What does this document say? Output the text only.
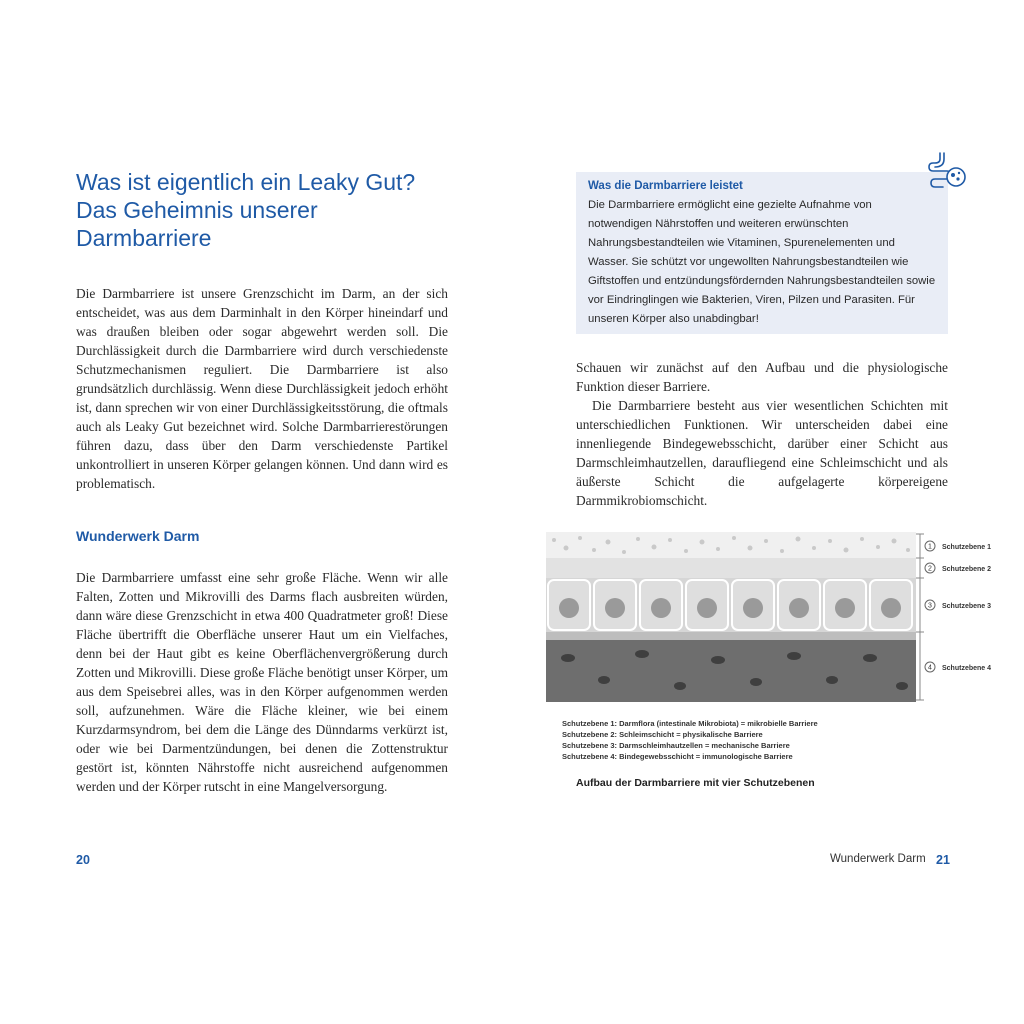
Was ist eigentlich ein Leaky Gut?
Das Geheimnis unserer
Darmbarriere

Die Darmbarriere ist unsere Grenzschicht im Darm, an der sich entscheidet, was aus dem Darminhalt in den Körper hineindarf und was draußen bleiben oder sogar abgewehrt werden soll. Die Durchlässigkeit durch die Darmbarriere wird durch verschiedenste Schutzmechanismen reguliert. Die Darmbarriere ist also grundsätzlich durchlässig. Wenn diese Durchlässigkeit jedoch erhöht ist, dann sprechen wir von einer Durchlässigkeitsstörung, die oftmals auch als Leaky Gut bezeichnet wird. Solche Darmbarrierestörungen führen dazu, dass über den Darm verschiedenste Partikel unkontrolliert in unseren Körper gelangen können. Und dann wird es problematisch.

Wunderwerk Darm

Die Darmbarriere umfasst eine sehr große Fläche. Wenn wir alle Falten, Zotten und Mikrovilli des Darms flach ausbreiten würden, dann wäre diese Grenzschicht in etwa 400 Quadratmeter groß! Diese Fläche übertrifft die Oberfläche unserer Haut um ein Vielfaches, denn bei der Haut gibt es keine Oberflächenvergrößerung durch Zotten und Mikrovilli. Diese große Fläche benötigt unser Körper, um aus dem Speisebrei alles, was in den Körper aufgenommen werden soll, aufzunehmen. Wäre die Fläche kleiner, wie bei einem Kurzdarmsyndrom, bei dem die Länge des Dünndarms verkürzt ist, oder wie bei Darmentzündungen, bei denen die Zottenstruktur gestört ist, könnten Nährstoffe nicht ausreichend aufgenommen werden und der Körper rutscht in eine Mangelversorgung.

20

Was die Darmbarriere leistet

Die Darmbarriere ermöglicht eine gezielte Aufnahme von notwendigen Nährstoffen und weiteren erwünschten Nahrungsbestandteilen wie Vitaminen, Spurenelementen und Wasser. Sie schützt vor ungewollten Nahrungsbestandteilen wie Giftstoffen und entzündungsfördernden Nahrungsbestandteilen sowie vor Eindringlingen wie Bakterien, Viren, Pilzen und Parasiten. Für unseren Körper also unabdingbar!

Schauen wir zunächst auf den Aufbau und die physiologische Funktion dieser Barriere.

Die Darmbarriere besteht aus vier wesentlichen Schichten mit unterschiedlichen Funktionen. Wir unterscheiden dabei eine innenliegende Bindegewebsschicht, darüber einer Schicht aus Darmschleimhautzellen, daraufliegend eine Schleimschicht und als äußerste Schicht die aufgelagerte körpereigene Darmmikrobiomschicht.

1 Schutzebene 1
2 Schutzebene 2
3 Schutzebene 3
4 Schutzebene 4
Schutzebene 1: Darmflora (intestinale Mikrobiota) = mikrobielle Barriere
Schutzebene 2: Schleimschicht = physikalische Barriere
Schutzebene 3: Darmschleimhautzellen = mechanische Barriere
Schutzebene 4: Bindegewebsschicht = immunologische Barriere
Aufbau der Darmbarriere mit vier Schutzebenen
Wunderwerk Darm 21
